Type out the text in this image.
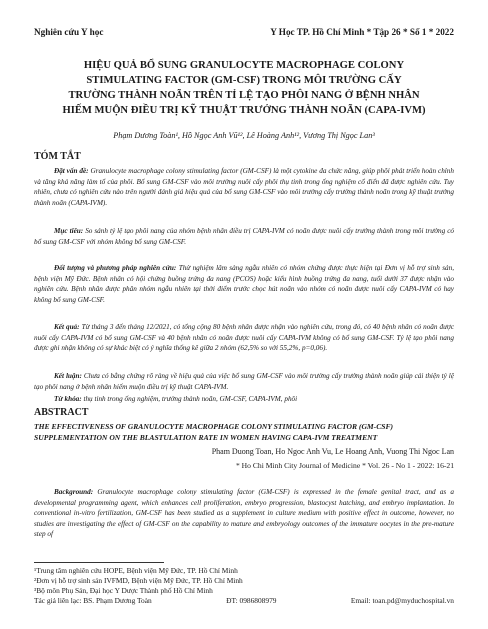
Nghiên cứu Y học	Y Học TP. Hồ Chí Minh * Tập 26 * Số 1 * 2022
HIỆU QUẢ BỔ SUNG GRANULOCYTE MACROPHAGE COLONY
STIMULATING FACTOR (GM-CSF) TRONG MÔI TRƯỜNG CẤY
TRƯỜNG THÀNH NOÃN TRÊN TỈ LỆ TẠO PHÔI NANG Ở BỆNH NHÂN
HIẾM MUỘN ĐIỀU TRỊ KỸ THUẬT TRƯỞNG THÀNH NOÃN (CAPA-IVM)
Phạm Dương Toàn¹, Hồ Ngọc Anh Vũ¹², Lê Hoàng Anh¹², Vương Thị Ngọc Lan³
TÓM TẮT
Đặt vấn đề: Granulocyte macrophage colony stimulating factor (GM-CSF) là một cytokine đa chức năng, giúp phôi phát triển hoàn chỉnh và tăng khả năng làm tổ của phôi. Bổ sung GM-CSF vào môi trường nuôi cấy phôi thụ tinh trong ống nghiệm cổ điển đã được nghiên cứu. Tuy nhiên, chưa có nghiên cứu nào trên người đánh giá hiệu quả của bổ sung GM-CSF vào môi trường cấy trưởng thành noãn trong kỹ thuật trưởng thành noãn (CAPA-IVM).
Mục tiêu: So sánh tỷ lệ tạo phôi nang của nhóm bệnh nhân điều trị CAPA-IVM có noãn được nuôi cấy trưởng thành trong môi trường có bổ sung GM-CSF với nhóm không bổ sung GM-CSF.
Đối tượng và phương pháp nghiên cứu: Thử nghiệm lâm sàng ngẫu nhiên có nhóm chứng được thực hiện tại Đơn vị hỗ trợ sinh sản, bệnh viện Mỹ Đức. Bệnh nhân có hội chứng buồng trứng đa nang (PCOS) hoặc kiểu hình buồng trứng đa nang, tuổi dưới 37 được nhận vào nghiên cứu. Bệnh nhân được phân nhóm ngẫu nhiên tại thời điểm trước chọc hút noãn vào nhóm có noãn được nuôi cấy CAPA-IVM có hay không bổ sung GM-CSF.
Kết quả: Từ tháng 3 đến tháng 12/2021, có tổng cộng 80 bệnh nhân được nhận vào nghiên cứu, trong đó, có 40 bệnh nhân có noãn được nuôi cấy CAPA-IVM có bổ sung GM-CSF và 40 bệnh nhân có noãn được nuôi cấy CAPA-IVM không có bổ sung GM-CSF. Tỷ lệ tạo phôi nang được ghi nhận không có sự khác biệt có ý nghĩa thống kê giữa 2 nhóm (62,5% so với 55,2%, p=0,06).
Kết luận: Chưa có bằng chứng rõ ràng về hiệu quả của việc bổ sung GM-CSF vào môi trường cấy trưởng thành noãn giúp cải thiện tỷ lệ tạo phôi nang ở bệnh nhân hiếm muộn điều trị kỹ thuật CAPA-IVM.
Từ khóa: thụ tinh trong ống nghiệm, trưởng thành noãn, GM-CSF, CAPA-IVM, phôi
ABSTRACT
THE EFFECTIVENESS OF GRANULOCYTE MACROPHAGE COLONY STIMULATING FACTOR (GM-CSF) SUPPLEMENTATION ON THE BLASTULATION RATE IN WOMEN HAVING CAPA-IVM TREATMENT
Pham Duong Toan, Ho Ngoc Anh Vu, Le Hoang Anh, Vuong Thi Ngoc Lan
* Ho Chi Minh City Journal of Medicine * Vol. 26 - No 1 - 2022: 16-21
Background: Granulocyte macrophage colony stimulating factor (GM-CSF) is expressed in the female genital tract, and as a developmental programming agent, which enhances cell proliferation, embryo progression, blastocyst hatching, and embryo implantation. In conventional in-vitro fertilization, GM-CSF has been studied as a supplement in culture medium with positive effect in outcome, however, no studies are investigating the effect of GM-CSF on the capability to mature and embryology outcomes of the immature oocytes in the pre-mature step of
¹Trung tâm nghiên cứu HOPE, Bệnh viện Mỹ Đức, TP. Hồ Chí Minh
²Đơn vị hỗ trợ sinh sản IVFMD, Bệnh viện Mỹ Đức, TP. Hồ Chí Minh
³Bộ môn Phụ Sản, Đại học Y Dược Thành phố Hồ Chí Minh
Tác giả liên lạc: BS. Phạm Dương Toàn	ĐT: 0986808979	Email: toan.pd@myduchospital.vn
